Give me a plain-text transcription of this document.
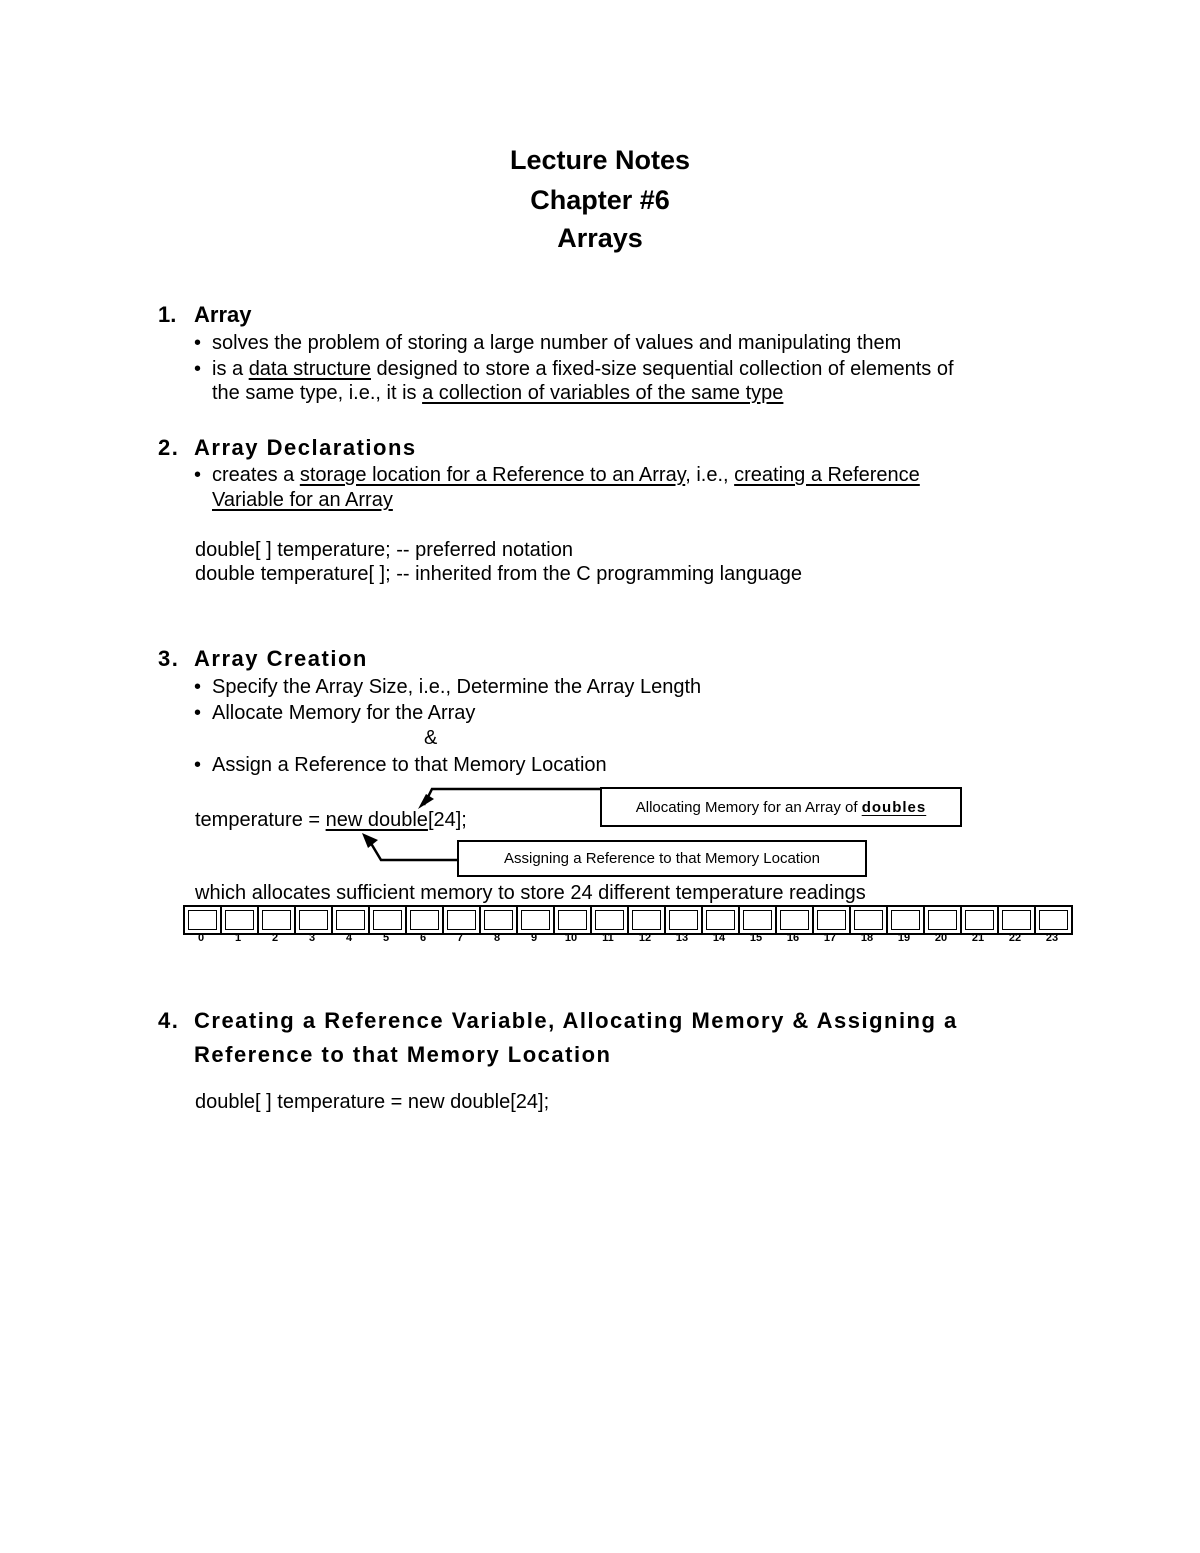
Lecture Notes
Chapter #6
Arrays
1. Array
• solves the problem of storing a large number of values and manipulating them
• is a data structure designed to store a fixed-size sequential collection of elements of
the same type, i.e., it is a collection of variables of the same type
2. Array Declarations
• creates a storage location for a Reference to an Array, i.e., creating a Reference
Variable for an Array
double[ ] temperature; -- preferred notation
double temperature[ ]; -- inherited from the C programming language
3. Array Creation
• Specify the Array Size, i.e., Determine the Array Length
• Allocate Memory for the Array
&
• Assign a Reference to that Memory Location
temperature = new double[24];
Allocating Memory for an Array of
doubles
Assigning a Reference to that Memory Location
which allocates sufficient memory to store 24 different temperature readings
0	1	2	3	4	5	6	7	8	9	10	11	12	13	14	15	16	17	18	19	20	21	22	23
4. Creating a Reference Variable, Allocating Memory & Assigning a
Reference to that Memory Location
double[ ] temperature = new double[24];
